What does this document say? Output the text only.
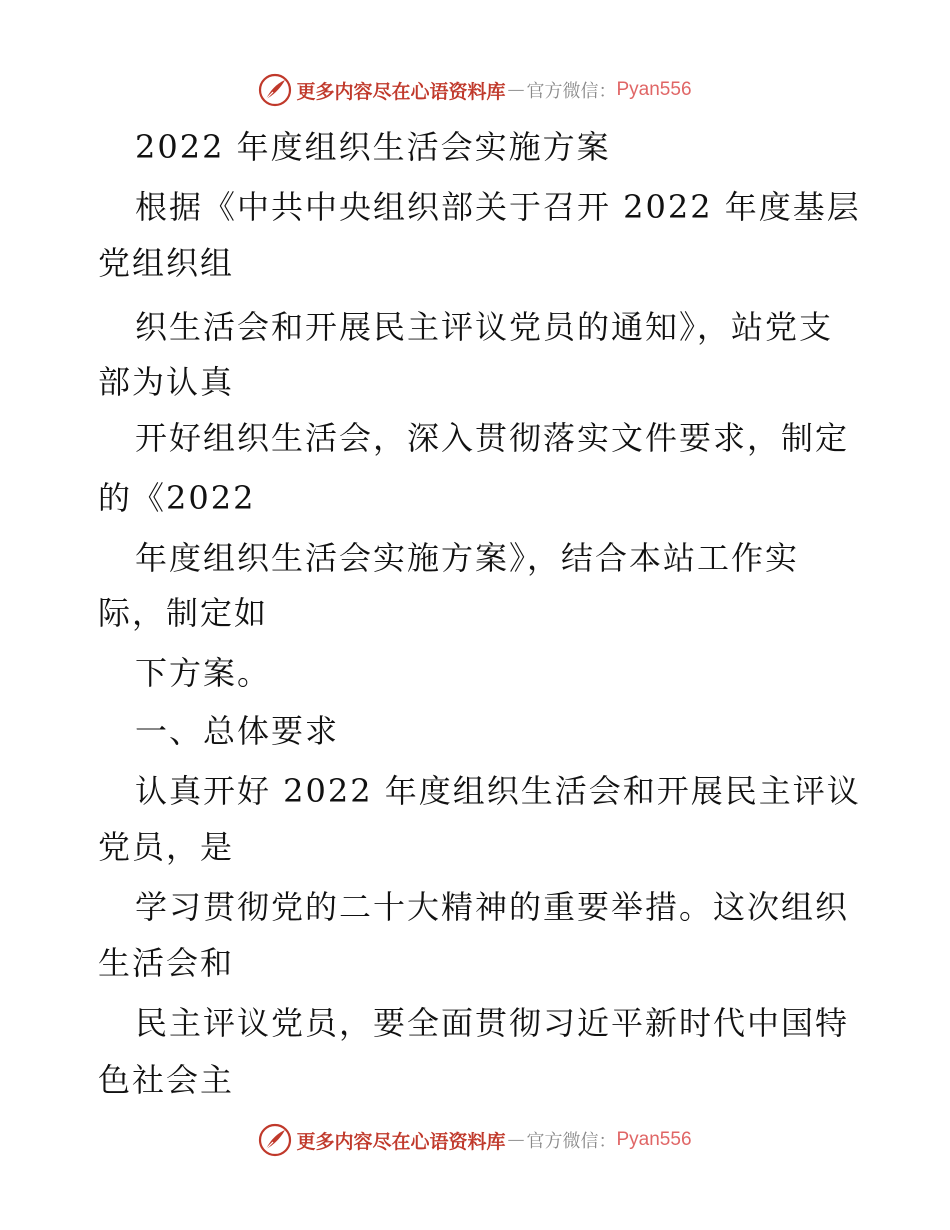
更多内容尽在心语资料库 — 官方微信： Pyan556
2022 年度组织生活会实施方案
根据《中共中央组织部关于召开 2022 年度基层
党组织组
织生活会和开展民主评议党员的通知》，站党支
部为认真
开好组织生活会，深入贯彻落实文件要求，制定
的《2022
年度组织生活会实施方案》，结合本站工作实
际，制定如
下方案。
一、总体要求
认真开好 2022 年度组织生活会和开展民主评议
党员，是
学习贯彻党的二十大精神的重要举措。这次组织
生活会和
民主评议党员，要全面贯彻习近平新时代中国特
色社会主
更多内容尽在心语资料库 — 官方微信： Pyan556
